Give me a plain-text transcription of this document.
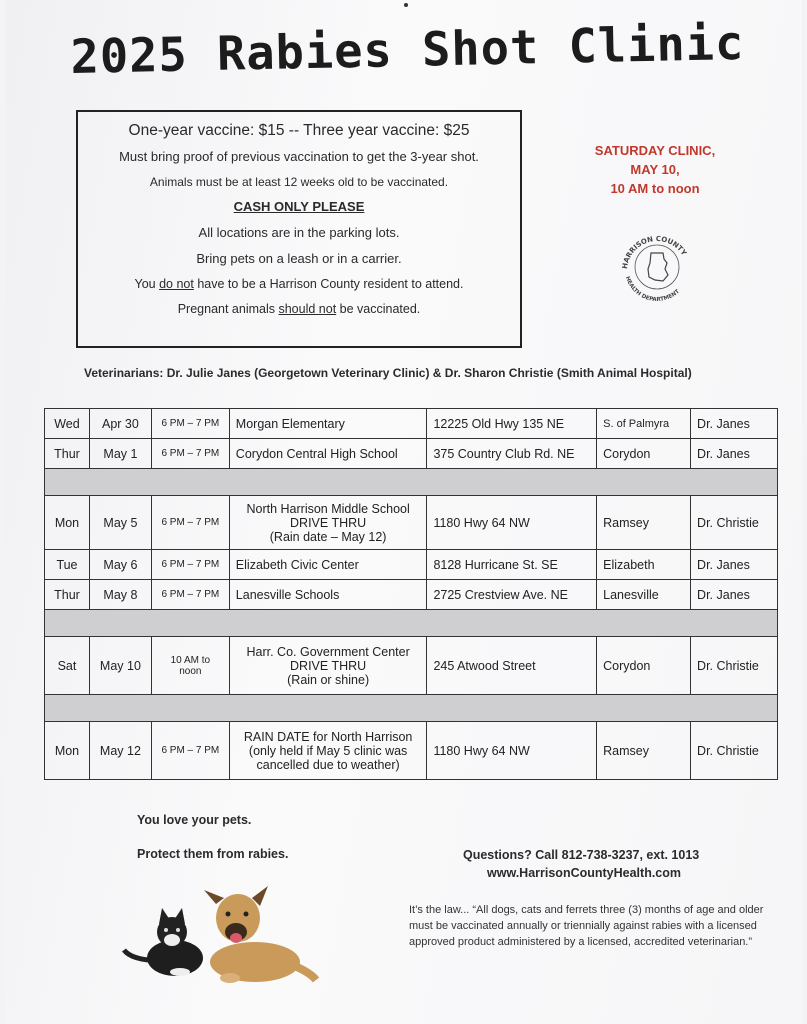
2025 Rabies Shot Clinic
One-year vaccine: $15 -- Three year vaccine: $25
Must bring proof of previous vaccination to get the 3-year shot.
Animals must be at least 12 weeks old to be vaccinated.
CASH ONLY PLEASE
All locations are in the parking lots.
Bring pets on a leash or in a carrier.
You do not have to be a Harrison County resident to attend.
Pregnant animals should not be vaccinated.
SATURDAY CLINIC,
MAY 10,
10 AM to noon
HARRISON COUNTY
HEALTH DEPARTMENT
Veterinarians: Dr. Julie Janes (Georgetown Veterinary Clinic) & Dr. Sharon Christie (Smith Animal Hospital)
Wed	Apr 30	6 PM – 7 PM	Morgan Elementary	12225 Old Hwy 135 NE	S. of Palmyra	Dr. Janes
Thur	May 1	6 PM – 7 PM	Corydon Central High School	375 Country Club Rd. NE	Corydon	Dr. Janes

Mon	May 5	6 PM – 7 PM	North Harrison Middle School
DRIVE THRU
(Rain date – May 12)	1180 Hwy 64 NW	Ramsey	Dr. Christie
Tue	May 6	6 PM – 7 PM	Elizabeth Civic Center	8128 Hurricane St. SE	Elizabeth	Dr. Janes
Thur	May 8	6 PM – 7 PM	Lanesville Schools	2725 Crestview Ave. NE	Lanesville	Dr. Janes

Sat	May 10	10 AM to noon	Harr. Co. Government Center
DRIVE THRU
(Rain or shine)	245 Atwood Street	Corydon	Dr. Christie

Mon	May 12	6 PM – 7 PM	RAIN DATE for North Harrison
(only held if May 5 clinic was
cancelled due to weather)	1180 Hwy 64 NW	Ramsey	Dr. Christie
You love your pets.
Protect them from rabies.	Questions? Call 812-738-3237, ext. 1013
www.HarrisonCountyHealth.com
It’s the law... “All dogs, cats and ferrets three (3) months of age and older must be vaccinated annually or triennially against rabies with a licensed approved product administered by a licensed, accredited veterinarian.”
